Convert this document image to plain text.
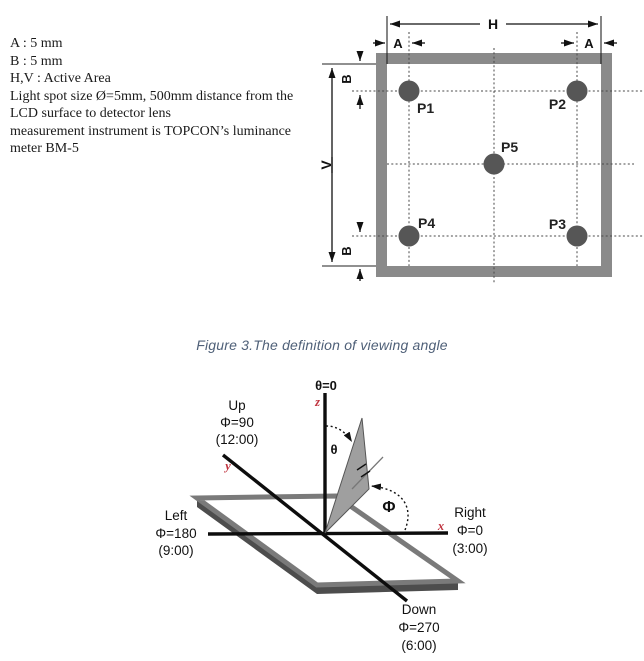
A : 5 mm
B : 5 mm
H,V : Active Area
Light spot size Ø=5mm, 500mm distance from the
LCD surface to detector lens
measurement instrument is TOPCON’s luminance
meter BM-5
Figure 3.The definition of viewing angle
H
A	A
B
B
V
P1	P2
P3
P4
P5
θ=0
θ
Φ
z
y
x
Up
Φ=90
(12:00)
Left
Φ=180
(9:00)
Right
Φ=0
(3:00)
Down
Φ=270
(6:00)
